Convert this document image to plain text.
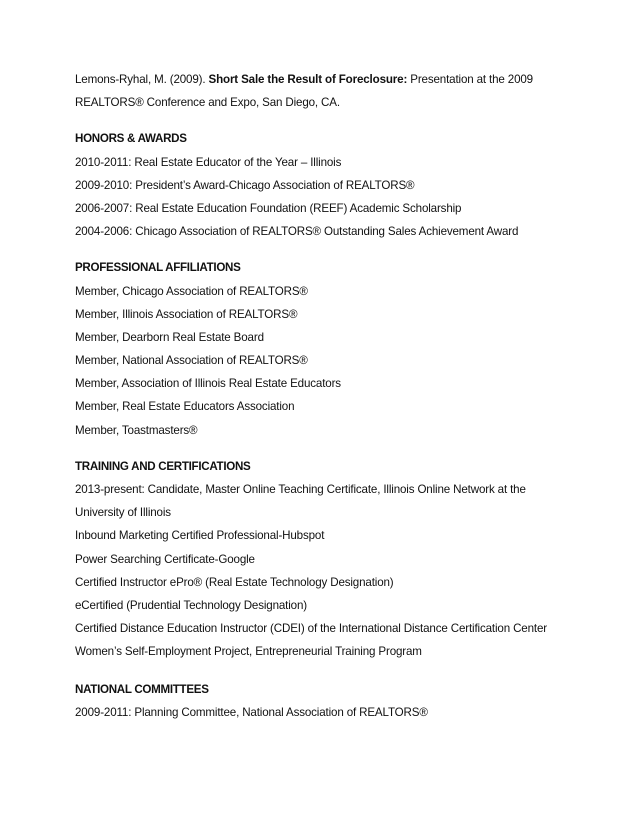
Lemons-Ryhal, M. (2009). Short Sale the Result of Foreclosure: Presentation at the 2009
REALTORS® Conference and Expo, San Diego, CA.
HONORS & AWARDS
2010-2011: Real Estate Educator of the Year – Illinois
2009-2010: President’s Award-Chicago Association of REALTORS®
2006-2007: Real Estate Education Foundation (REEF) Academic Scholarship
2004-2006: Chicago Association of REALTORS® Outstanding Sales Achievement Award
PROFESSIONAL AFFILIATIONS
Member, Chicago Association of REALTORS®
Member, Illinois Association of REALTORS®
Member, Dearborn Real Estate Board
Member, National Association of REALTORS®
Member, Association of Illinois Real Estate Educators
Member, Real Estate Educators Association
Member, Toastmasters®
TRAINING AND CERTIFICATIONS
2013-present: Candidate, Master Online Teaching Certificate, Illinois Online Network at the
University of Illinois
Inbound Marketing Certified Professional-Hubspot
Power Searching Certificate-Google
Certified Instructor ePro® (Real Estate Technology Designation)
eCertified (Prudential Technology Designation)
Certified Distance Education Instructor (CDEI) of the International Distance Certification Center
Women’s Self-Employment Project, Entrepreneurial Training Program
NATIONAL COMMITTEES
2009-2011: Planning Committee, National Association of REALTORS®
